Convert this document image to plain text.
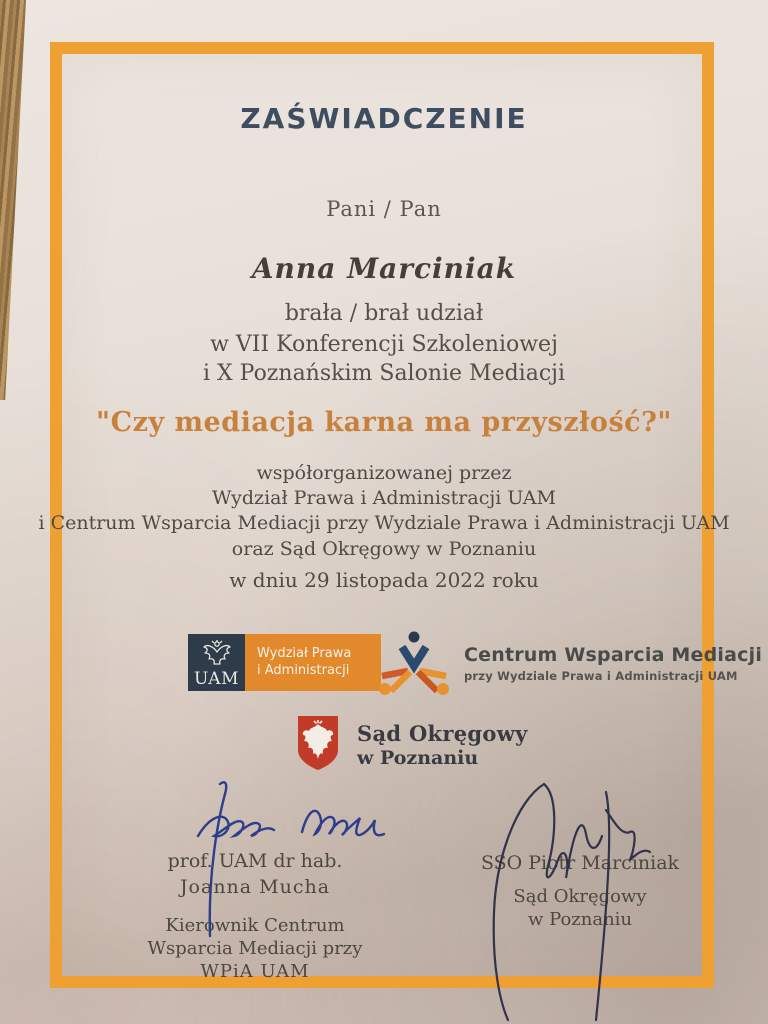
ZAŚWIADCZENIE
Pani / Pan
Anna Marciniak
brała / brał udział
w VII Konferencji Szkoleniowej
i X Poznańskim Salonie Mediacji
"Czy mediacja karna ma przyszłość?"
współorganizowanej przez
Wydział Prawa i Administracji UAM
i Centrum Wsparcia Mediacji przy Wydziale Prawa i Administracji UAM
oraz Sąd Okręgowy w Poznaniu
w dniu 29 listopada 2022 roku
UAM
Wydział Prawa
i Administracji
Centrum Wsparcia Mediacji
przy Wydziale Prawa i Administracji UAM
Sąd Okręgowy
w Poznaniu
prof. UAM dr hab.
Joanna Mucha
Kierownik Centrum
Wsparcia Mediacji przy
WPiA UAM
SSO Piotr Marciniak
Sąd Okręgowy
w Poznaniu
